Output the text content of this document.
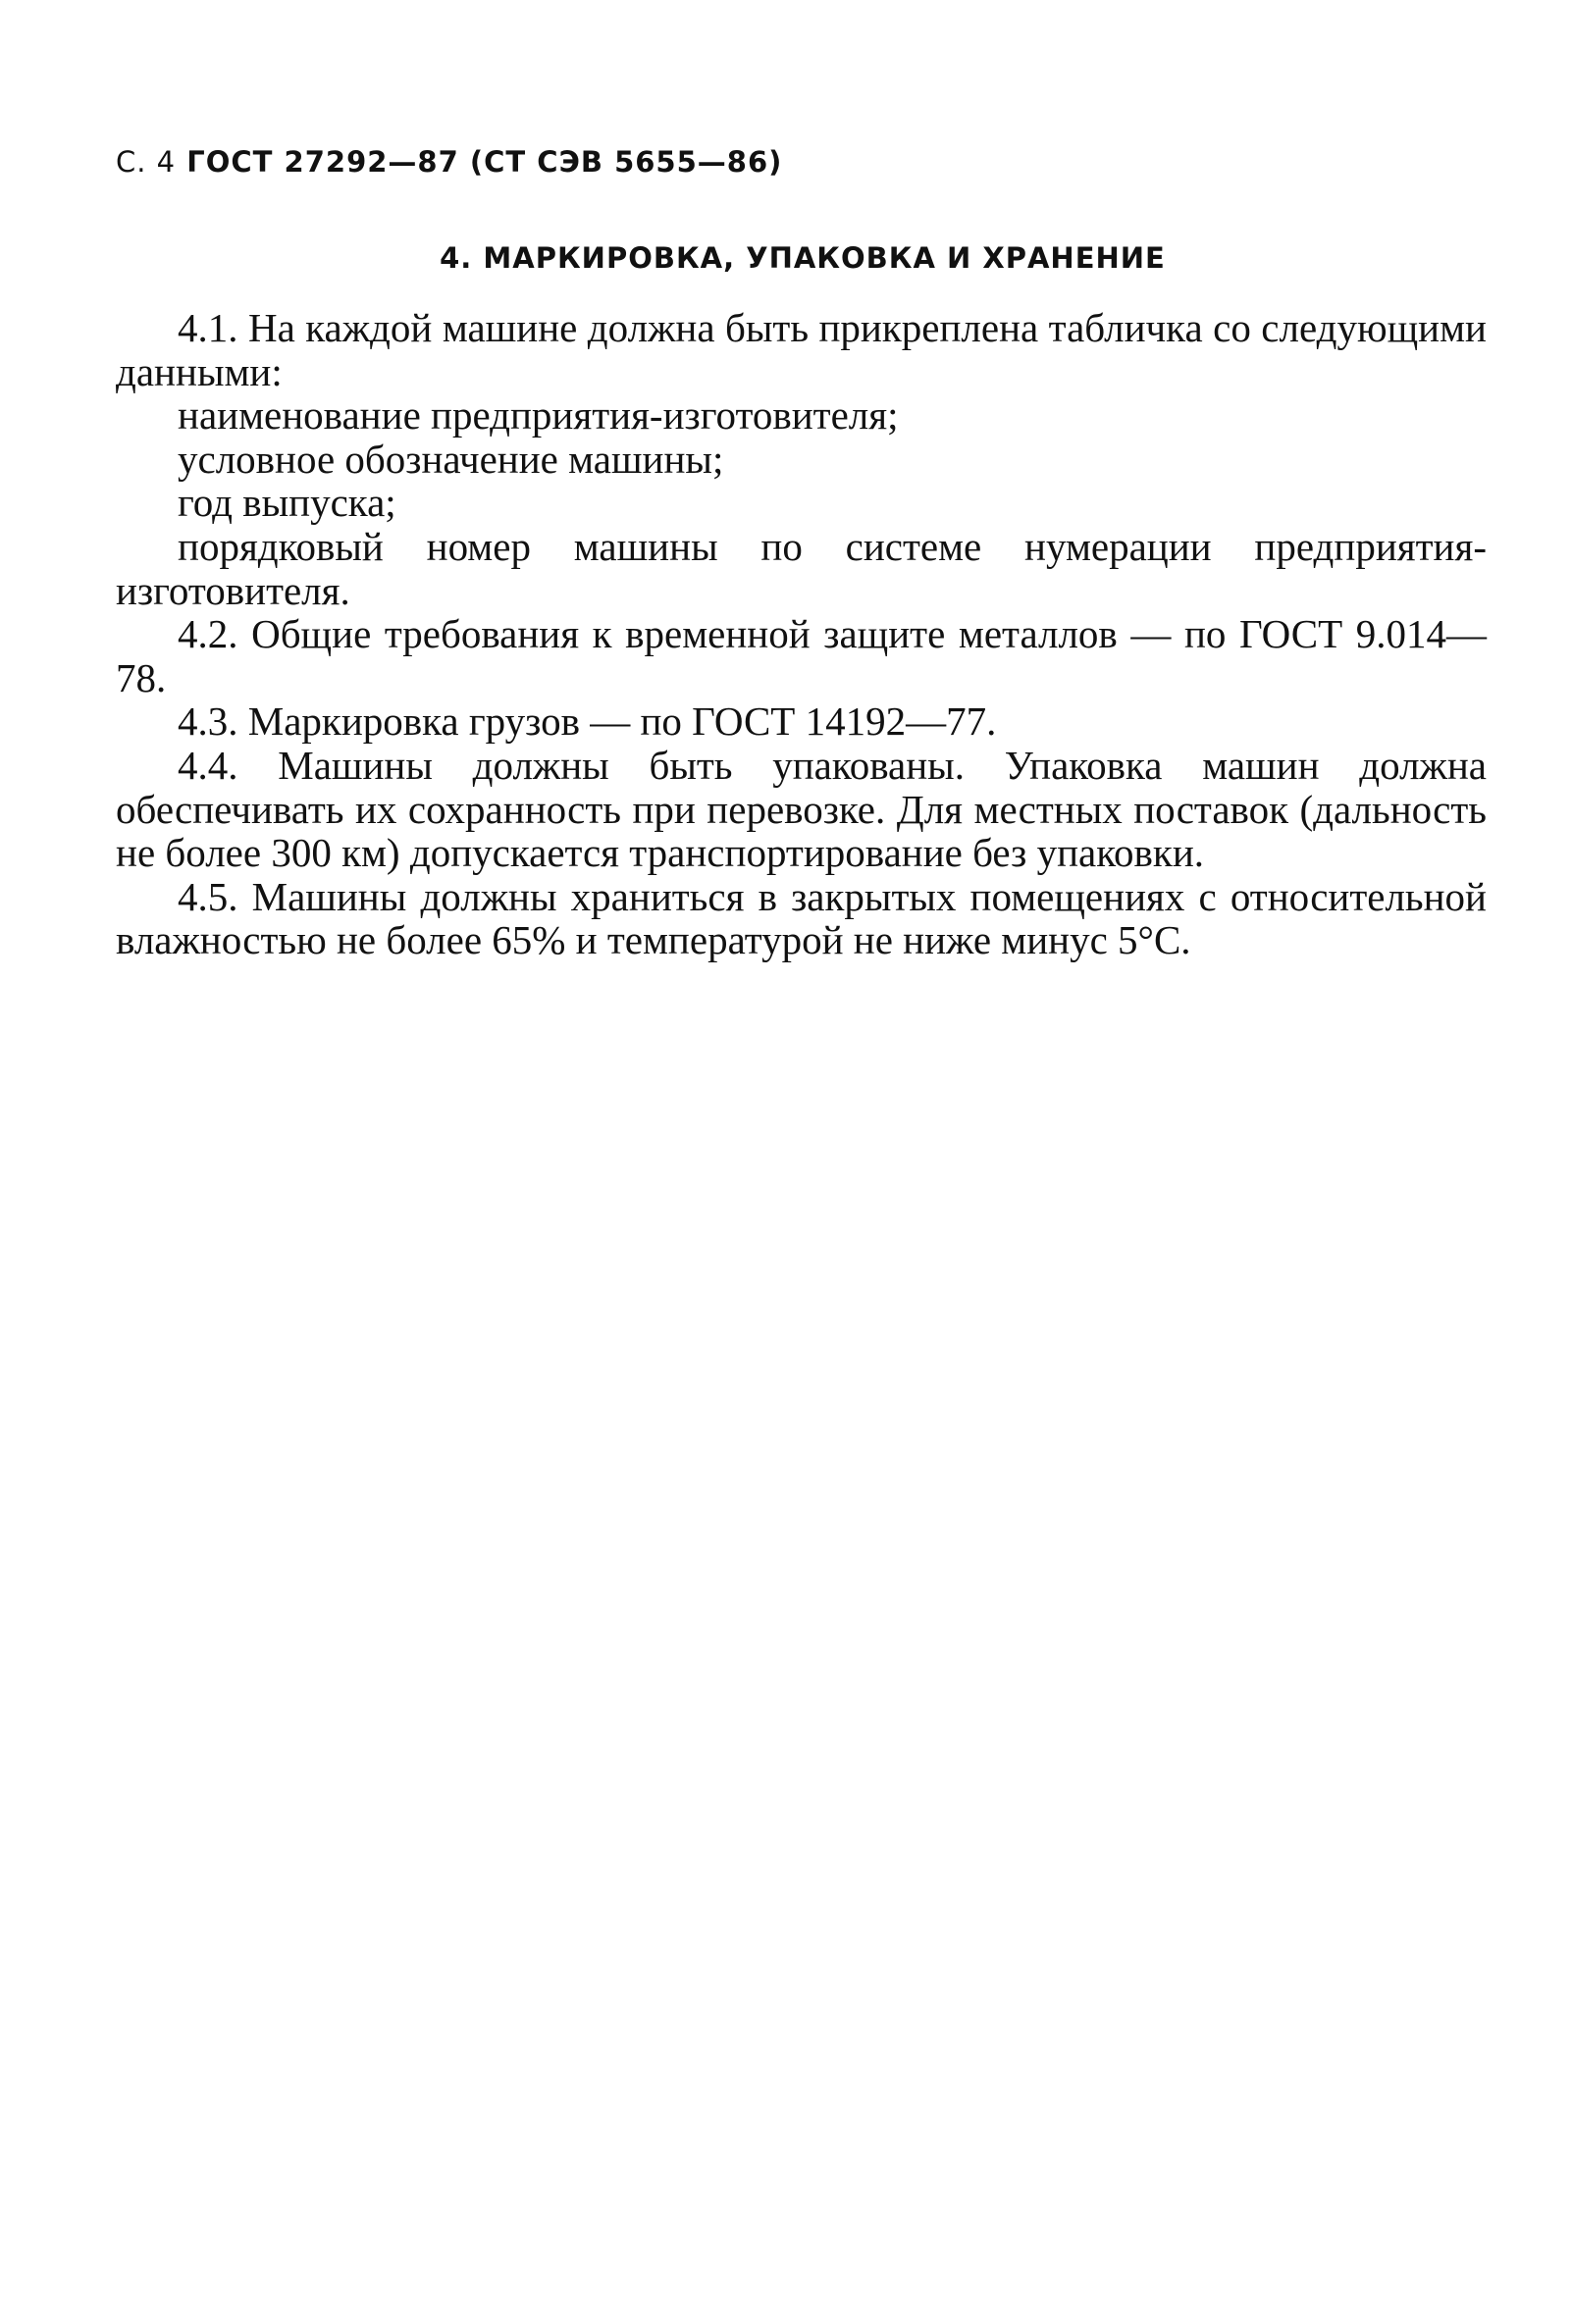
С. 4 ГОСТ 27292—87 (СТ СЭВ 5655—86)
4. МАРКИРОВКА, УПАКОВКА И ХРАНЕНИЕ

4.1. На каждой машине должна быть прикреплена табличка со следующими данными:

наименование предприятия-изготовителя;

условное обозначение машины;

год выпуска;

порядковый номер машины по системе нумерации предприятия-изготовителя.

4.2. Общие требования к временной защите металлов — по ГОСТ 9.014—78.

4.3. Маркировка грузов — по ГОСТ 14192—77.

4.4. Машины должны быть упакованы. Упаковка машин должна обеспечивать их сохранность при перевозке. Для местных поставок (дальность не более 300 км) допускается транспортирование без упаковки.

4.5. Машины должны храниться в закрытых помещениях с относительной влажностью не более 65% и температурой не ниже минус 5°С.
